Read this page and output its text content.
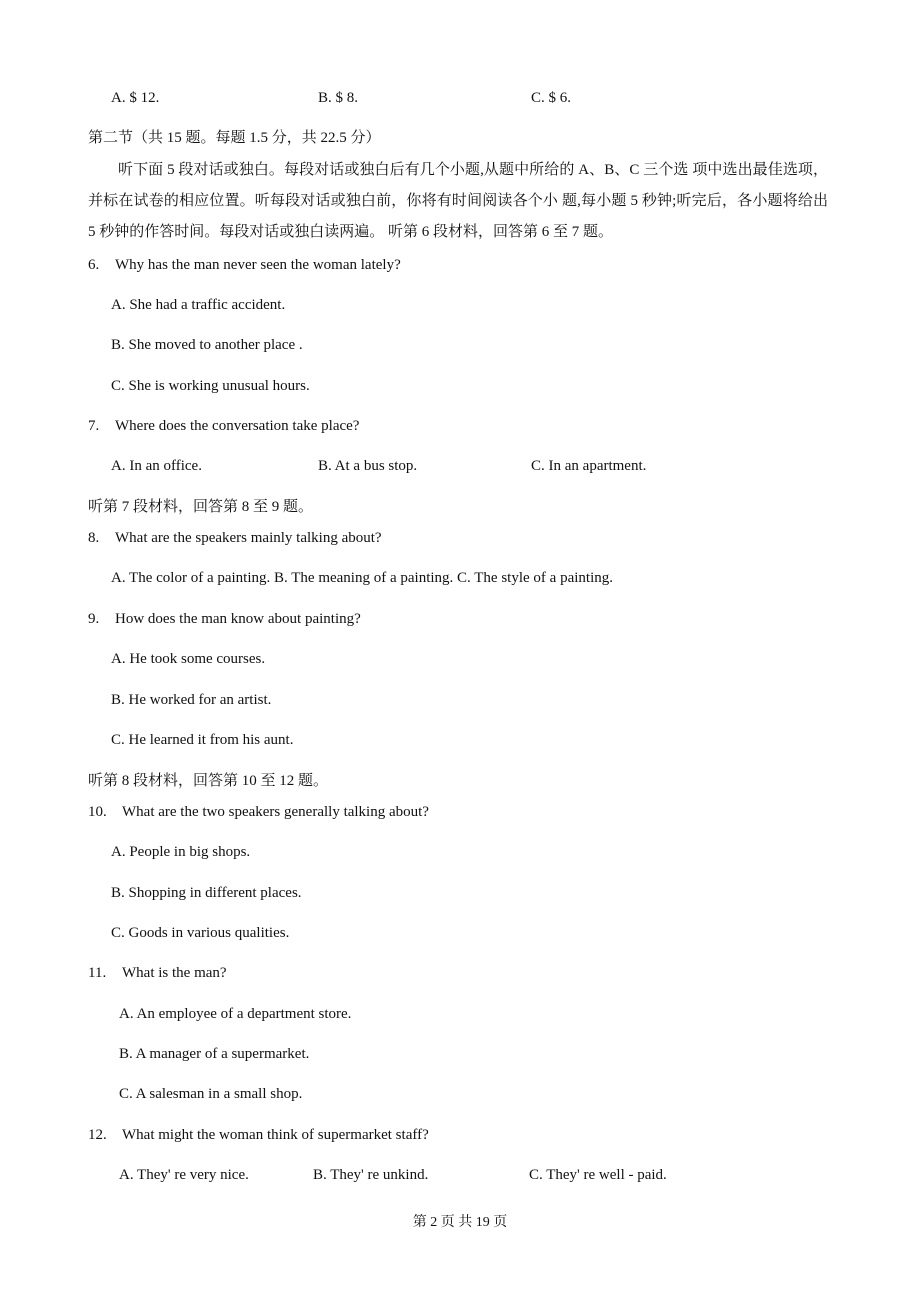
A. $ 12.	B. $ 8.	C. $ 6.
第二节（共 15 题。每题 1.5 分，共 22.5 分）
听下面 5 段对话或独白。每段对话或独白后有几个小题,从题中所给的 A、B、C 三个选 项中选出最佳选项，并标在试卷的相应位置。听每段对话或独白前，你将有时间阅读各个小 题,每小题 5 秒钟;听完后，各小题将给出 5 秒钟的作答时间。每段对话或独白读两遍。 听第 6 段材料，回答第 6 至 7 题。
6. Why has the man never seen the woman lately?
A. She had a traffic accident.
B. She moved to another place .
C. She is working unusual hours.
7. Where does the conversation take place?
A. In an office.	B. At a bus stop.	C. In an apartment.
听第 7 段材料，回答第 8 至 9 题。
8. What are the speakers mainly talking about?
A. The color of a painting. B. The meaning of a painting. C. The style of a painting.
9. How does the man know about painting?
A. He took some courses.
B. He worked for an artist.
C. He learned it from his aunt.
听第 8 段材料，回答第 10 至 12 题。
10. What are the two speakers generally talking about?
A. People in big shops.
B. Shopping in different places.
C. Goods in various qualities.
11. What is the man?
A. An employee of a department store.
B. A manager of a supermarket.
C. A salesman in a small shop.
12. What might the woman think of supermarket staff?
A. They' re very nice.	B. They' re unkind.	C. They' re well - paid.
第 2 页 共 19 页
